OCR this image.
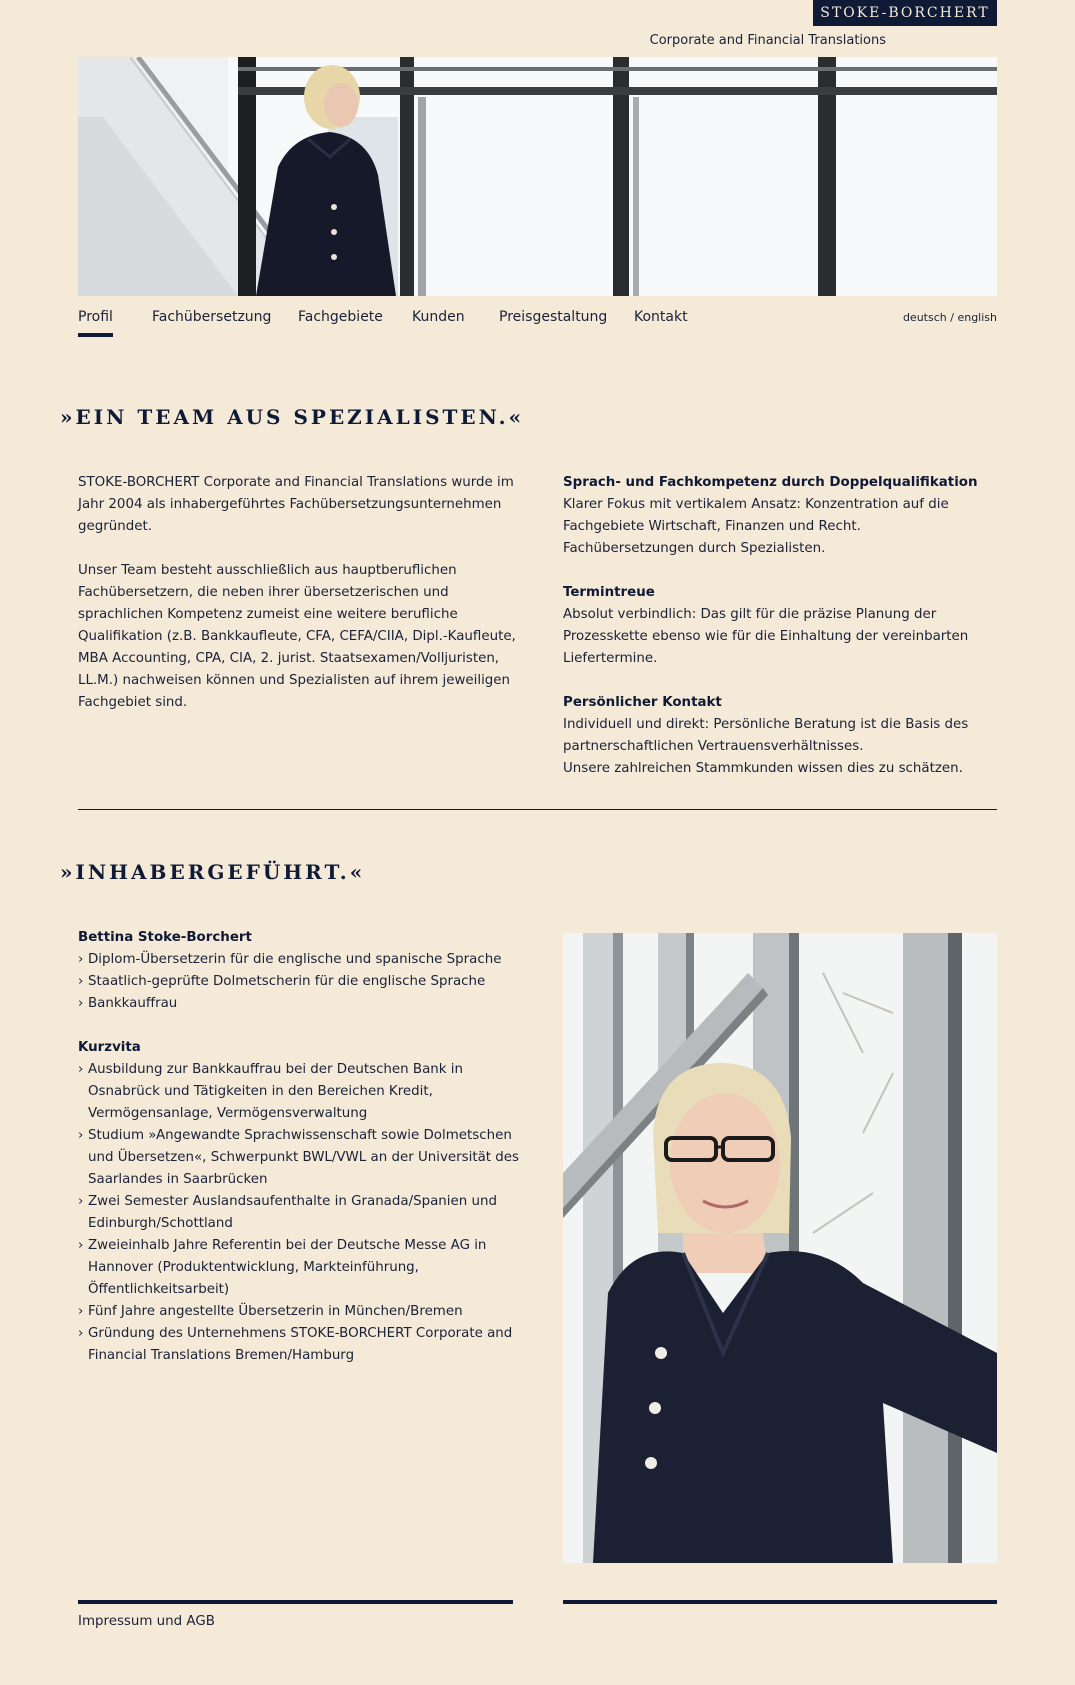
STOKE-BORCHERT
Corporate and Financial Translations
Profil	Fachübersetzung Fachgebiete Kunden Preisgestaltung Kontakt	deutsch / english
»EIN TEAM AUS SPEZIALISTEN.«

STOKE-BORCHERT Corporate and Financial Translations wurde im Jahr 2004 als inhabergeführtes Fachübersetzungsunternehmen gegründet.

Unser Team besteht ausschließlich aus hauptberuflichen Fachübersetzern, die neben ihrer übersetzerischen und sprachlichen Kompetenz zumeist eine weitere berufliche Qualifikation (z.B. Bankkaufleute, CFA, CEFA/CIIA, Dipl.-Kaufleute, MBA Accounting, CPA, CIA, 2. jurist. Staatsexamen/Volljuristen, LL.M.) nachweisen können und Spezialisten auf ihrem jeweiligen Fachgebiet sind.

Sprach- und Fachkompetenz durch Doppelqualifikation
Klarer Fokus mit vertikalem Ansatz: Konzentration auf die Fachgebiete Wirtschaft, Finanzen und Recht.
Fachübersetzungen durch Spezialisten.
Termintreue
Absolut verbindlich: Das gilt für die präzise Planung der Prozesskette ebenso wie für die Einhaltung der vereinbarten Liefertermine.
Persönlicher Kontakt
Individuell und direkt: Persönliche Beratung ist die Basis des partnerschaftlichen Vertrauensverhältnisses.
Unsere zahlreichen Stammkunden wissen dies zu schätzen.
»INHABERGEFÜHRT.«
Bettina Stoke-Borchert
› Diplom-Übersetzerin für die englische und spanische Sprache
› Staatlich-geprüfte Dolmetscherin für die englische Sprache
› Bankkauffrau
Kurzvita
› Ausbildung zur Bankkauffrau bei der Deutschen Bank in Osnabrück und Tätigkeiten in den Bereichen Kredit, Vermögensanlage, Vermögensverwaltung
› Studium »Angewandte Sprachwissenschaft sowie Dolmetschen und Übersetzen«, Schwerpunkt BWL/VWL an der Universität des Saarlandes in Saarbrücken
› Zwei Semester Auslandsaufenthalte in Granada/Spanien und Edinburgh/Schottland
› Zweieinhalb Jahre Referentin bei der Deutsche Messe AG in Hannover (Produktentwicklung, Markteinführung, Öffentlichkeitsarbeit)
› Fünf Jahre angestellte Übersetzerin in München/Bremen
› Gründung des Unternehmens STOKE-BORCHERT Corporate and Financial Translations Bremen/Hamburg
Impressum und AGB
